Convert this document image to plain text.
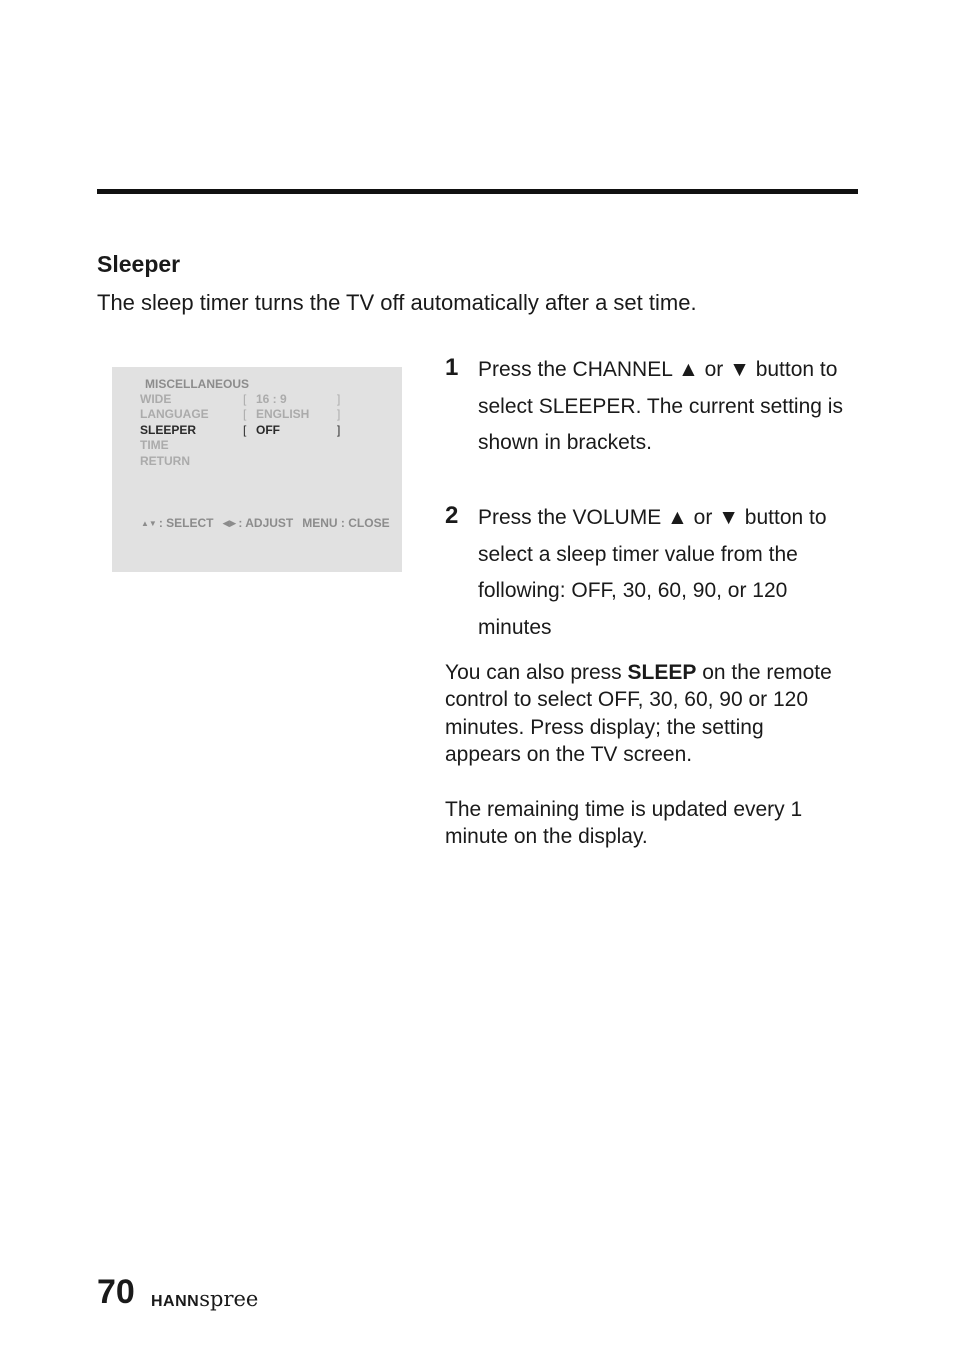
Sleeper
The sleep timer turns the TV off automatically after a set time.
MISCELLANEOUS
WIDE	[ 16 : 9	]
LANGUAGE	[ ENGLISH ]
SLEEPER	[ OFF	]
TIME
RETURN
▲▼ : SELECT ◀▶ : ADJUST MENU : CLOSE
1 Press the CHANNEL ▲ or ▼ button to select SLEEPER. The current setting is shown in brackets.
2 Press the VOLUME ▲ or ▼ button to select a sleep timer value from the following: OFF, 30, 60, 90, or 120 minutes
You can also press SLEEP on the remote control to select OFF, 30, 60, 90 or 120 minutes. Press display; the setting appears on the TV screen.
The remaining time is updated every 1 minute on the display.
70 HANNspree
